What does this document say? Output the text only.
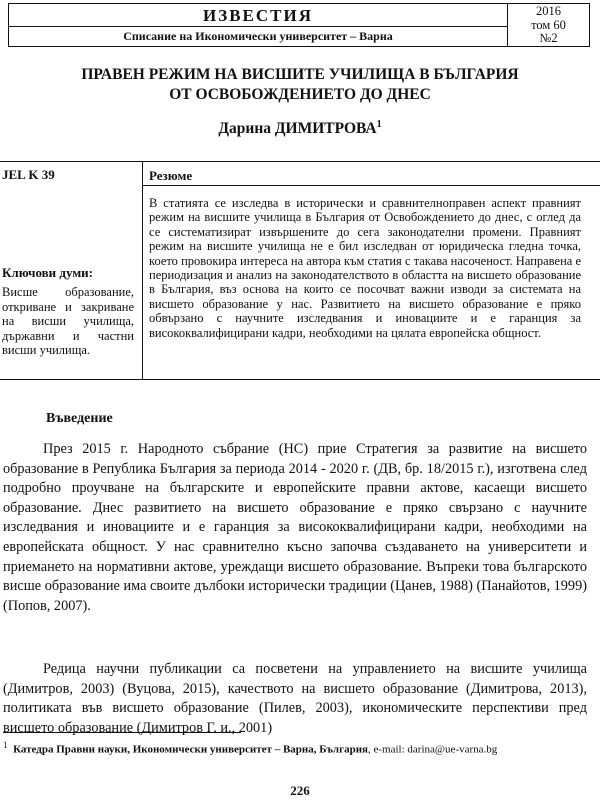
ИЗВЕСТИЯ
Списание на Икономически университет – Варна
2016
том 60
№2
ПРАВЕН РЕЖИМ НА ВИСШИТЕ УЧИЛИЩА В БЪЛГАРИЯ
ОТ ОСВОБОЖДЕНИЕТО ДО ДНЕС
Дарина ДИМИТРОВА$^1$
JEL K 39
Ключови думи:
Висше образование, откриване и закриване на висши училища, държавни и частни висши училища.
Резюме
В статията се изследва в исторически и сравнителноправен аспект правният режим на висшите училища в България от Освобождението до днес, с оглед да се систематизират извършените до сега законодателни промени. Правният режим на висшите училища не е бил изследван от юридическа гледна точка, което провокира интереса на автора към статия с такава насоченост. Направена е периодизация и анализ на законодателството в областта на висшето образование в България, въз основа на които се посочват важни изводи за системата на висшето образование у нас. Развитието на висшето образование е пряко обвързано с научните изследвания и иновациите и е гаранция за висококвалифицирани кадри, необходими на цялата европейска общност.
Въведение
През 2015 г. Народното събрание (НС) прие Стратегия за развитие на висшето образование в Република България за периода 2014 - 2020 г. (ДВ, бр. 18/2015 г.), изготвена след подробно проучване на българските и европейските правни актове, касаещи висшето образование. Днес развитието на висшето образование е пряко свързано с научните изследвания и иновациите и е гаранция за висококвалифицирани кадри, необходими на европейската общност. У нас сравнително късно започва създаването на университети и приемането на нормативни актове, уреждащи висшето образование. Въпреки това българското висше образование има своите дълбоки исторически традиции (Цанев, 1988) (Панайотов, 1999) (Попов, 2007).
Редица научни публикации са посветени на управлението на висшите училища (Димитров, 2003) (Вуцова, 2015), качеството на висшето образование (Димитрова, 2013), политиката във висшето образование (Пилев, 2003), икономическите перспективи пред висшето образование (Димитров Г. и., 2001)
$^1$ Катедра Правни науки, Икономически университет – Варна, България, e-mail: darina@ue-varna.bg
226
